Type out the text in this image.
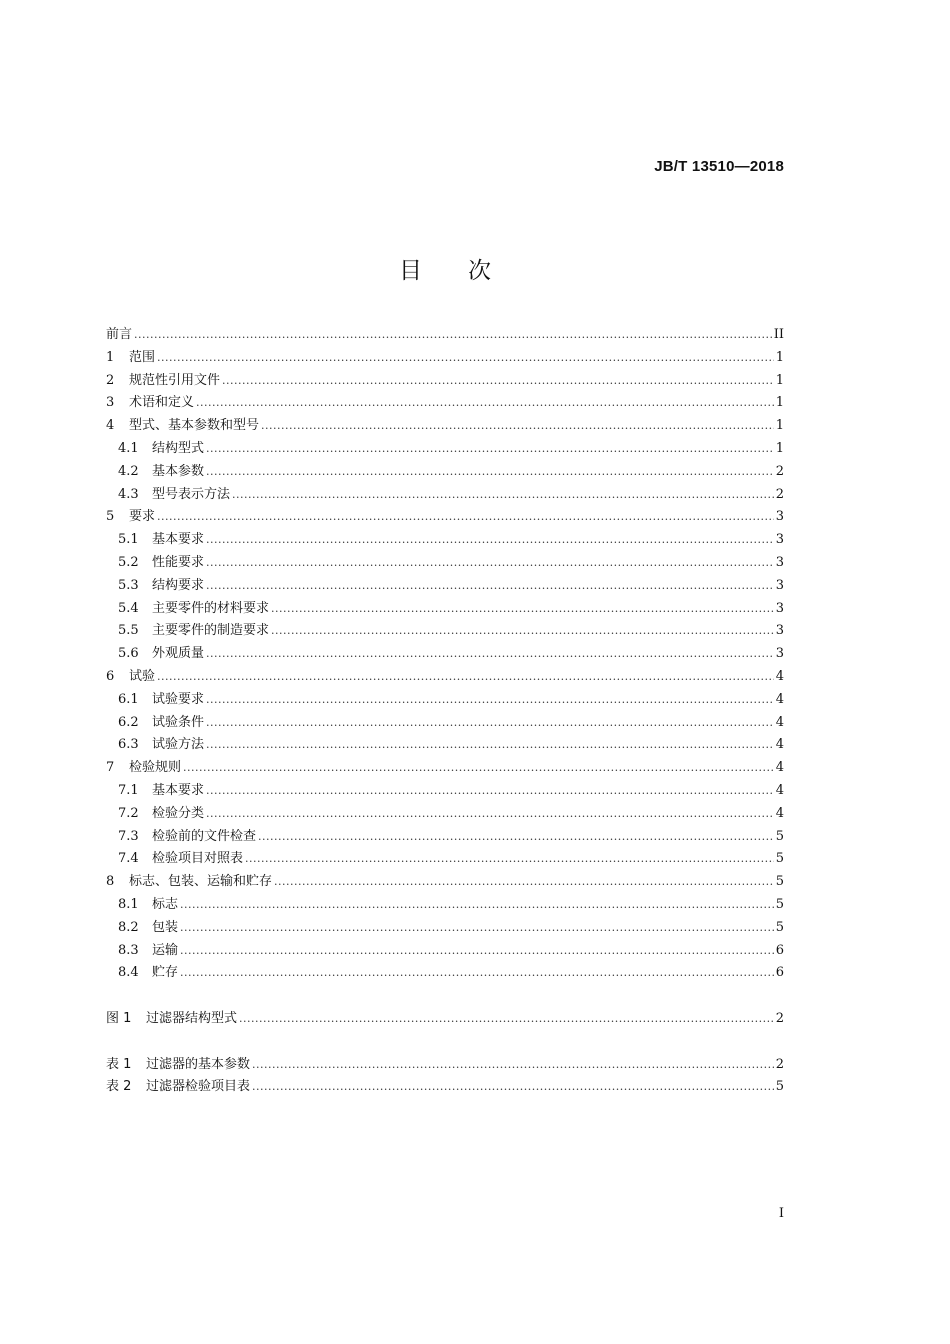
JB/T 13510—2018
目次
前言 .....	II
1	范围 .....	1
2	规范性引用文件 .....	1
3	术语和定义 .....	1
4	型式、基本参数和型号 .....	1
4.1	结构型式 .....	1
4.2	基本参数 .....	2
4.3	型号表示方法 .....	2
5	要求 .....	3
5.1	基本要求 .....	3
5.2	性能要求 .....	3
5.3	结构要求 .....	3
5.4	主要零件的材料要求 .....	3
5.5	主要零件的制造要求 .....	3
5.6	外观质量 .....	3
6	试验 .....	4
6.1	试验要求 .....	4
6.2	试验条件 .....	4
6.3	试验方法 .....	4
7	检验规则 .....	4
7.1	基本要求 .....	4
7.2	检验分类 .....	4
7.3	检验前的文件检查 .....	5
7.4	检验项目对照表 .....	5
8	标志、包装、运输和贮存 .....	5
8.1	标志 .....	5
8.2	包装 .....	5
8.3	运输 .....	6
8.4	贮存 .....	6
图 1	过滤器结构型式 .....	2
表 1	过滤器的基本参数 .....	2
表 2	过滤器检验项目表 .....	5
I
